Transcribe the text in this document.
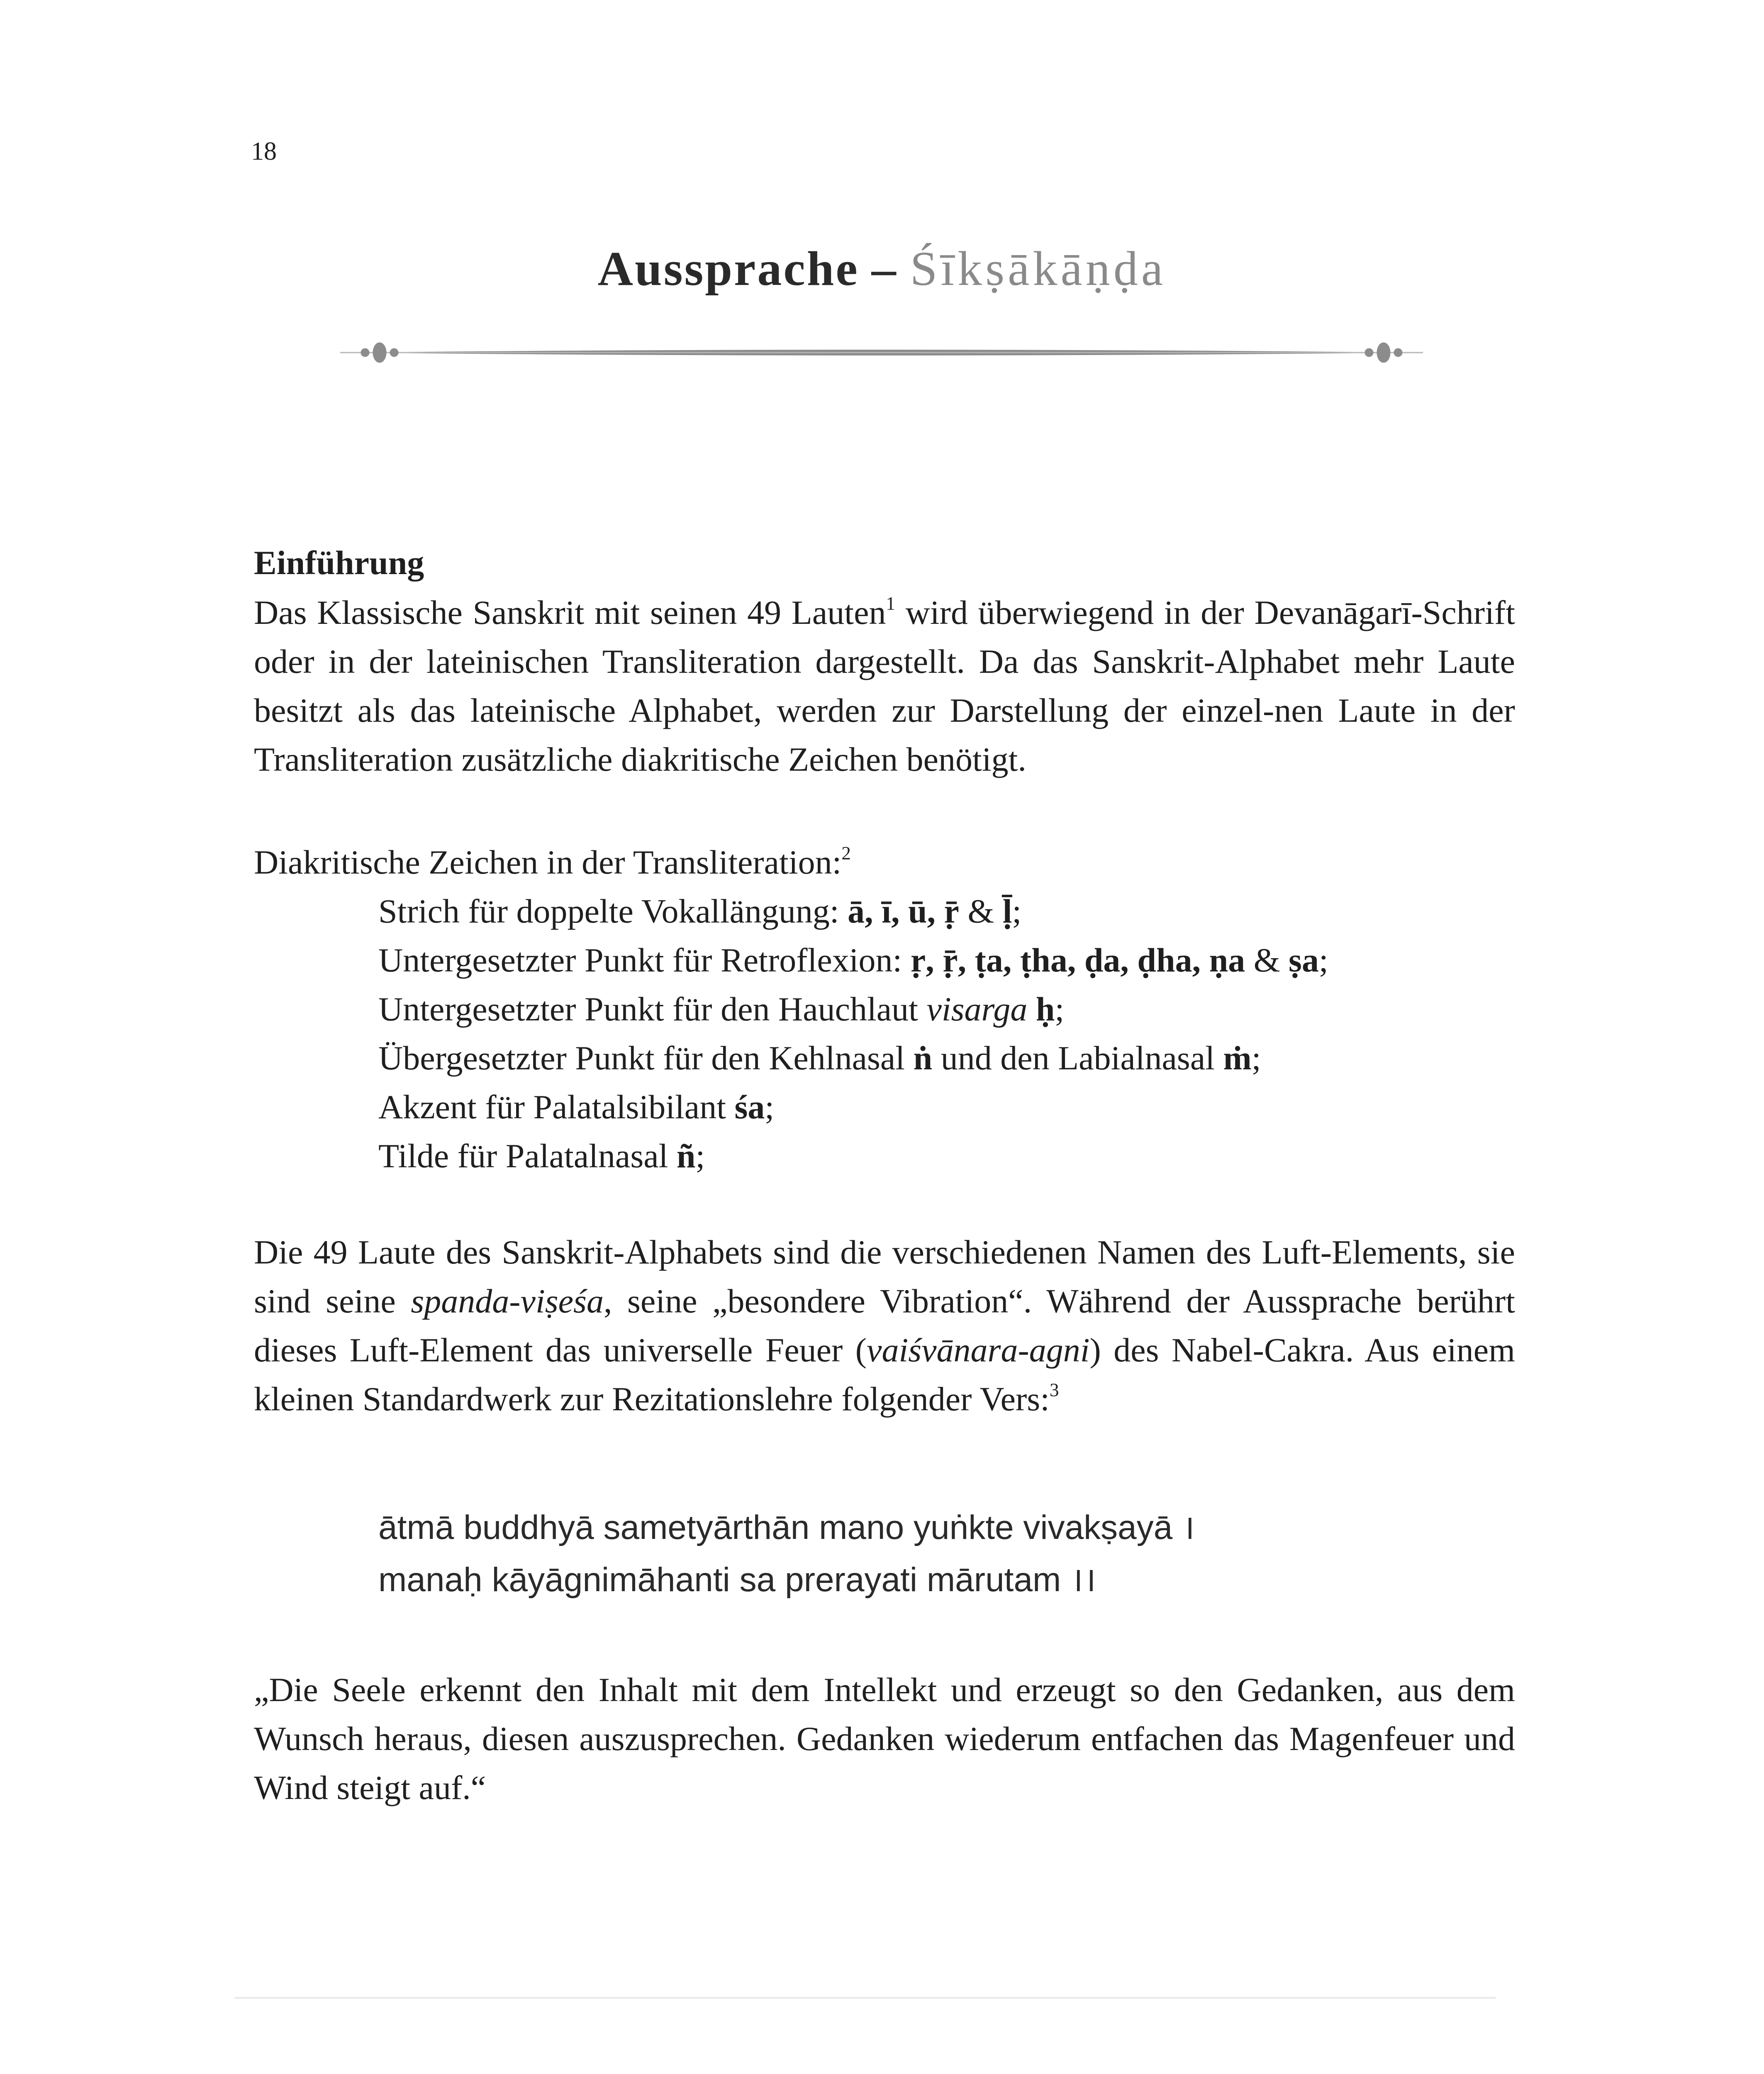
18
Aussprache – Śīkṣākāṇḍa
Einführung

Das Klassische Sanskrit mit seinen 49 Lauten$^1$ wird überwiegend in der Devanāgarī-Schrift oder in der lateinischen Transliteration dargestellt. Da das Sanskrit-Alphabet mehr Laute besitzt als das lateinische Alphabet, werden zur Darstellung der einzel-nen Laute in der Transliteration zusätzliche diakritische Zeichen benötigt.

Diakritische Zeichen in der Transliteration:$^2$
Strich für doppelte Vokallängung: ā, ī, ū, ṝ & ḹ;
Untergesetzter Punkt für Retroflexion: ṛ, ṝ, ṭa, ṭha, ḍa, ḍha, ṇa & ṣa;
Untergesetzter Punkt für den Hauchlaut visarga ḥ;
Übergesetzter Punkt für den Kehlnasal ṅ und den Labialnasal ṁ;
Akzent für Palatalsibilant śa;
Tilde für Palatalnasal ñ;

Die 49 Laute des Sanskrit-Alphabets sind die verschiedenen Namen des Luft-Elements, sie sind seine spanda-viṣeśa, seine „besondere Vibration“. Während der Aussprache berührt dieses Luft-Element das universelle Feuer (vaiśvānara-agni) des Nabel-Cakra. Aus einem kleinen Standardwerk zur Rezitationslehre folgender Vers:$^3$

ātmā buddhyā sametyārthān mano yuṅkte vivakṣayā ।
manaḥ kāyāgnimāhanti sa prerayati mārutam ।।

„Die Seele erkennt den Inhalt mit dem Intellekt und erzeugt so den Gedanken, aus dem Wunsch heraus, diesen auszusprechen. Gedanken wiederum entfachen das Magenfeuer und Wind steigt auf.“
